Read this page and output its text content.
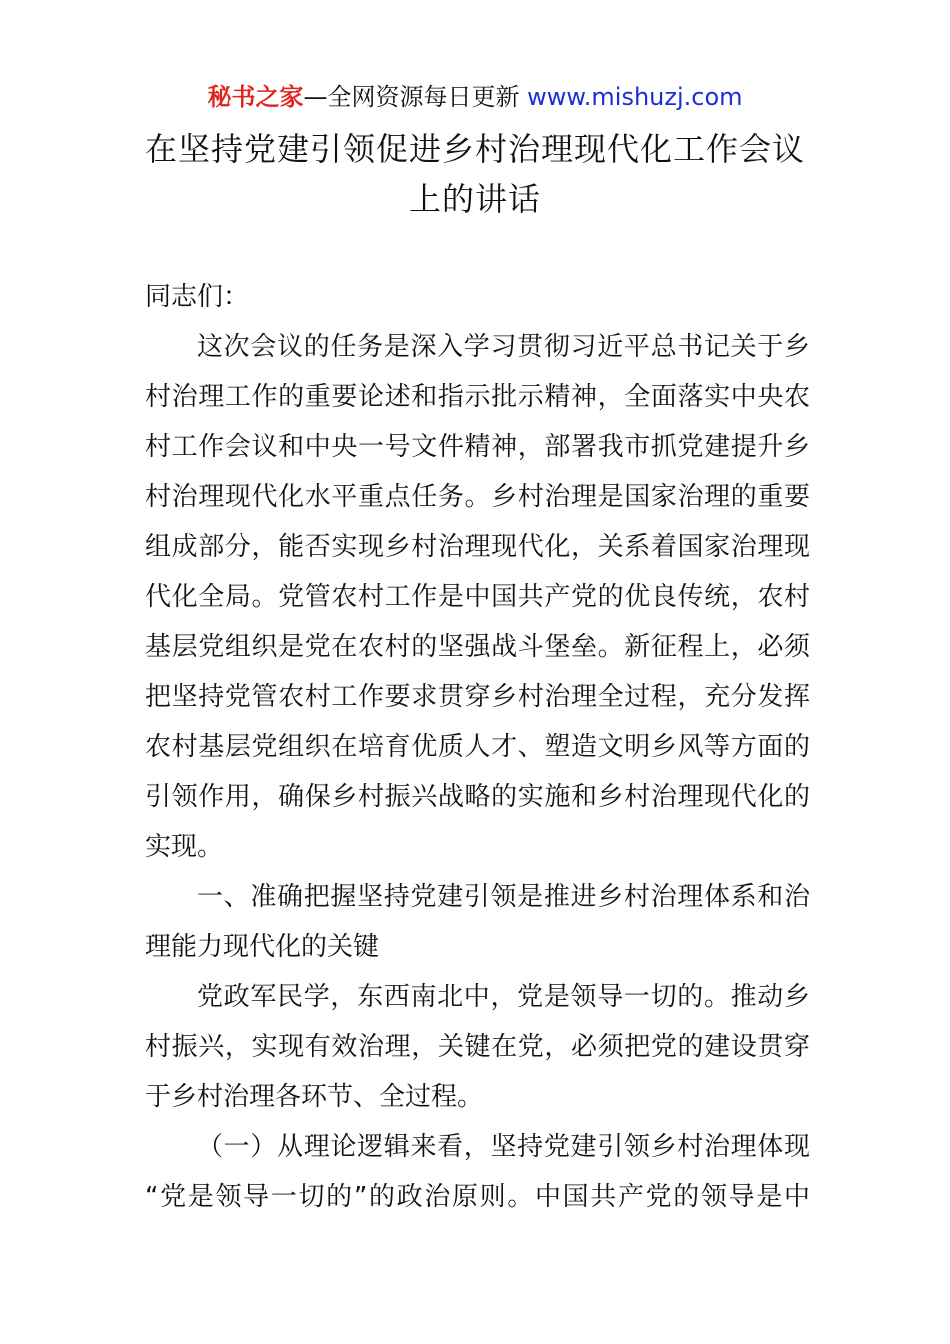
秘书之家—全网资源每日更新 www.mishuzj.com
在坚持党建引领促进乡村治理现代化工作会议
上的讲话
同志们：
这次会议的任务是深入学习贯彻习近平总书记关于乡
村治理工作的重要论述和指示批示精神，全面落实中央农
村工作会议和中央一号文件精神，部署我市抓党建提升乡
村治理现代化水平重点任务。乡村治理是国家治理的重要
组成部分，能否实现乡村治理现代化，关系着国家治理现
代化全局。党管农村工作是中国共产党的优良传统，农村
基层党组织是党在农村的坚强战斗堡垒。新征程上，必须
把坚持党管农村工作要求贯穿乡村治理全过程，充分发挥
农村基层党组织在培育优质人才、塑造文明乡风等方面的
引领作用，确保乡村振兴战略的实施和乡村治理现代化的
实现。
一、准确把握坚持党建引领是推进乡村治理体系和治
理能力现代化的关键
党政军民学，东西南北中，党是领导一切的。推动乡
村振兴，实现有效治理，关键在党，必须把党的建设贯穿
于乡村治理各环节、全过程。
（一）从理论逻辑来看，坚持党建引领乡村治理体现
“党是领导一切的”的政治原则。中国共产党的领导是中
